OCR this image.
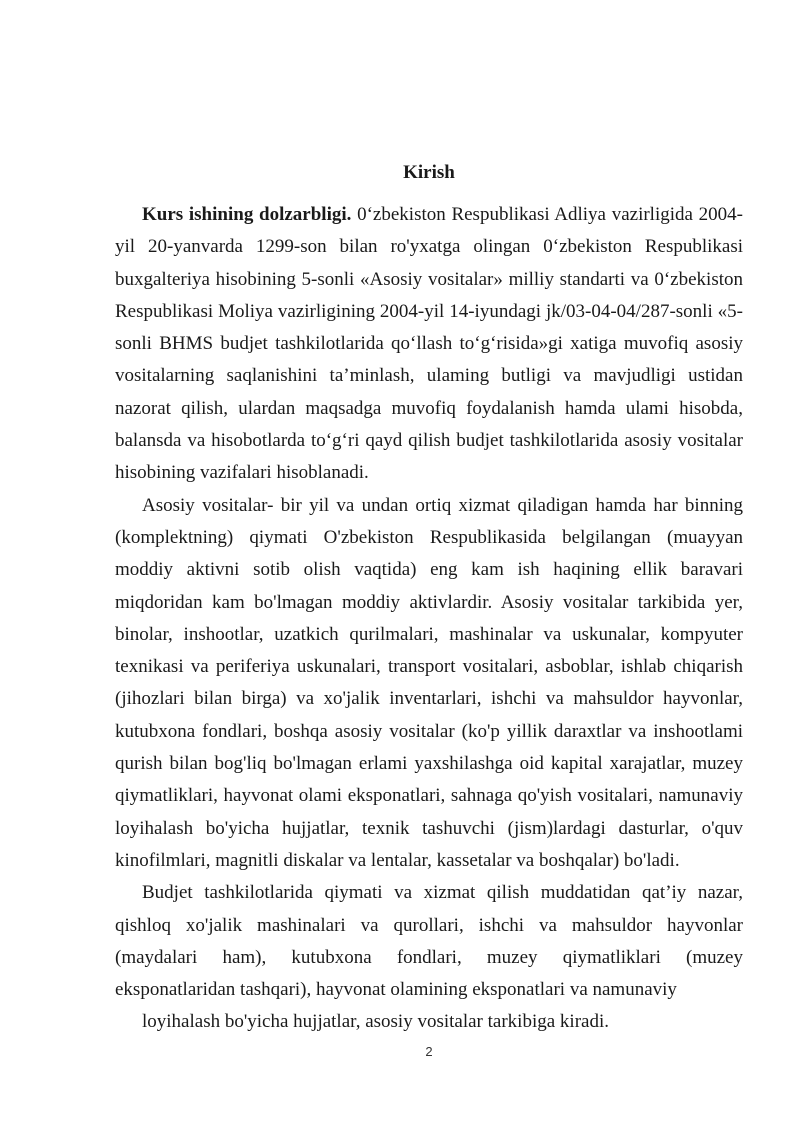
Kirish

Kurs ishining dolzarbligi. 0‘zbekiston Respublikasi Adliya vazirligida 2004-yil 20-yanvarda 1299-son bilan ro'yxatga olingan 0‘zbekiston Respublikasi buxgalteriya hisobining 5-sonli «Asosiy vositalar» milliy standarti va 0‘zbekiston Respublikasi Moliya vazirligining 2004-yil 14-iyundagi jk/03-04-04/287-sonli «5-sonli BHMS budjet tashkilotlarida qo‘llash to‘g‘risida»gi xatiga muvofiq asosiy vositalarning saqlanishini ta’minlash, ulaming butligi va mavjudligi ustidan nazorat qilish, ulardan maqsadga muvofiq foydalanish hamda ulami hisobda, balansda va hisobotlarda to‘g‘ri qayd qilish budjet tashkilotlarida asosiy vositalar hisobining vazifalari hisoblanadi.

Asosiy vositalar- bir yil va undan ortiq xizmat qiladigan hamda har binning (komplektning) qiymati O'zbekiston Respublikasida belgilangan (muayyan moddiy aktivni sotib olish vaqtida) eng kam ish haqining ellik baravari miqdoridan kam bo'lmagan moddiy aktivlardir. Asosiy vositalar tarkibida yer, binolar, inshootlar, uzatkich qurilmalari, mashinalar va uskunalar, kompyuter texnikasi va periferiya uskunalari, transport vositalari, asboblar, ishlab chiqarish (jihozlari bilan birga) va xo'jalik inventarlari, ishchi va mahsuldor hayvonlar, kutubxona fondlari, boshqa asosiy vositalar (ko'p yillik daraxtlar va inshootlami qurish bilan bog'liq bo'lmagan erlami yaxshilashga oid kapital xarajatlar, muzey qiymatliklari, hayvonat olami eksponatlari, sahnaga qo'yish vositalari, namunaviy loyihalash bo'yicha hujjatlar, texnik tashuvchi (jism)lardagi dasturlar, o'quv kinofilmlari, magnitli diskalar va lentalar, kassetalar va boshqalar) bo'ladi.

Budjet tashkilotlarida qiymati va xizmat qilish muddatidan qat’iy nazar, qishloq xo'jalik mashinalari va qurollari, ishchi va mahsuldor hayvonlar (maydalari ham), kutubxona fondlari, muzey qiymatliklari (muzey eksponatlaridan tashqari), hayvonat olamining eksponatlari va namunaviy

loyihalash bo'yicha hujjatlar, asosiy vositalar tarkibiga kiradi.

2
